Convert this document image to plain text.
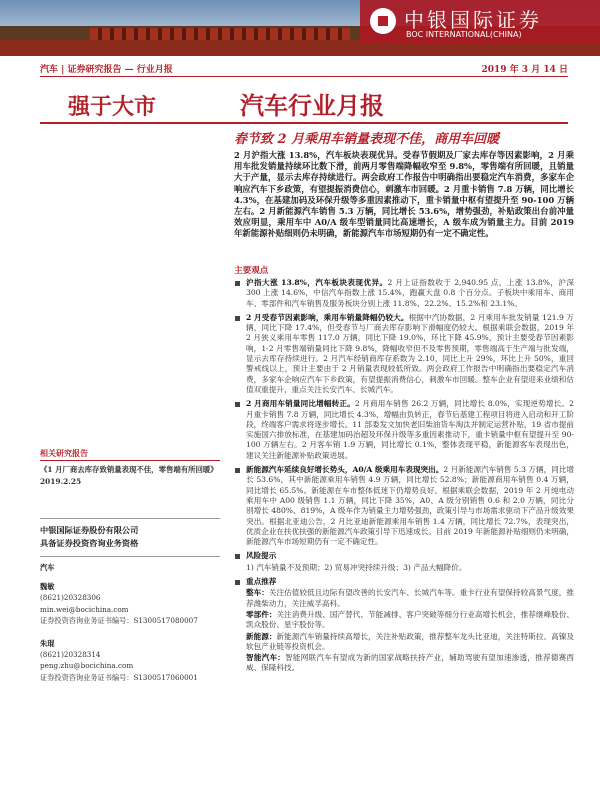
中银国际证券
BOC INTERNATIONAL(CHINA)
汽车 | 证券研究报告 — 行业月报	2019 年 3 月 14 日
强于大市	汽车行业月报
春节致 2 月乘用车销量表现不佳，商用车回暖
2 月沪指大涨 13.8%，汽车板块表现优异。受春节假期及厂家去库存等因素影响，2 月乘用车批发销量持续环比数下滑，前两月零售端降幅收窄至 9.8%，零售端有所回暖，且销量大于产量，显示去库存持续进行。两会政府工作报告中明确指出要稳定汽车消费，多家车企响应汽车下乡政策，有望提振消费信心，刺激车市回暖。2 月重卡销售 7.8 万辆，同比增长 4.3%，在基建加码及环保升级等多重因素推动下，重卡销量中枢有望提升至 90-100 万辆左右。2 月新能源汽车销售 5.3 万辆，同比增长 53.6%，增势强劲，补贴政策出台前冲量效应明显，乘用车中 A0/A 级车型销量同比高速增长，A 级车成为销量主力。目前 2019 年新能源补贴细则仍未明确，新能源汽车市场短期仍有一定不确定性。
主要观点
沪指大涨 13.8%，汽车板块表现优异。2 月上证指数收于 2,940.95 点，上涨 13.8%，沪深 300 上涨 14.6%，中信汽车指数上涨 15.4%，跑赢大盘 0.8 个百分点。子板块中乘用车、商用车、零部件和汽车销售及服务板块分别上涨 11.8%、22.2%、15.2%和 23.1%。
2 月受春节因素影响，乘用车销量降幅仍较大。根据中汽协数据，2 月乘用车批发销量 121.9 万辆，同比下降 17.4%，但受春节与厂商去库存影响下滑幅度仍较大。根据乘联会数据，2019 年 2 月狭义乘用车零售 117.0 万辆，同比下降 19.0%，环比下降 45.9%，预计主要受春节因素影响，1-2 月零售端销量同比下降 9.8%，降幅收窄但不及零售预期，零售端高于生产端与批发端，显示去库存持续进行。2 月汽车经销商库存系数为 2.10，同比上升 29%，环比上升 50%，重回警戒线以上，预计主要由于 2 月销量表现较低所致。两会政府工作报告中明确指出要稳定汽车消费，多家车企响应汽车下乡政策，有望提振消费信心，刺激车市回暖。整车企业有望迎来业绩和估值双重提升，重点关注长安汽车、长城汽车。
2 月商用车销量同比增幅转正。2 月商用车销售 26.2 万辆，同比增长 8.0%，实现逆势增长。2 月重卡销售 7.8 万辆，同比增长 4.3%，增幅由负转正，春节后基建工程项目将进入启动和开工阶段，终端客户需求将逐步增长。11 部委发文加快老旧柴油货车淘汰并制定运营补贴，19 省市提前实施国六排放标准，在基建加码治超及环保升级等多重因素推动下，重卡销量中枢有望提升至 90-100 万辆左右。2 月客车销 1.9 万辆，同比增长 0.1%，整体表现平稳，新能源客车表现出色，建议关注新能源补贴政策进展。
新能源汽车延续良好增长势头，A0/A 级乘用车表现突出。2 月新能源汽车销售 5.3 万辆，同比增长 53.6%，其中新能源乘用车销售 4.9 万辆，同比增长 52.8%；新能源商用车销售 0.4 万辆，同比增长 65.5%。新能源在车市整体低迷下仍增势良好。根据乘联会数据，2019 年 2 月纯电动乘用车中 A00 级销售 1.1 万辆，同比下降 35%，A0、A 级分别销售 0.6 和 2.0 万辆，同比分别增长 480%、819%，A 级车作为销量主力增势强劲，政策引导与市场需求驱动下产品升级效果突出。根据北亚迪公告，2 月比亚迪新能源乘用车销售 1.4 万辆，同比增长 72.7%，表现突出，优质企业在扶优扶强的新能源汽车政策引导下迅速成长。目前 2019 年新能源补贴细则仍未明确，新能源汽车市场短期仍有一定不确定性。
风险提示
1) 汽车销量不及预期；2) 贸易冲突持续升级；3) 产品大幅降价。
重点推荐
整车：关注估值较低且边际有望改善的长安汽车、长城汽车等。重卡行业有望保持较高景气度，推荐潍柴动力，关注威孚高科。
零部件：关注消费升级、国产替代、节能减排、客户突破等细分行业高增长机会，推荐继峰股份、凯众股份、星宇股份等。
新能源：新能源汽车销量持续高增长，关注补贴政策，推荐整车龙头比亚迪，关注特斯拉、高镍及软包产业链等投资机会。
智能汽车：智能网联汽车有望成为新的国家战略扶持产业，辅助驾驶有望加速渗透，推荐德赛西威、保隆科技。
相关研究报告
《1 月厂商去库存致销量表现不佳，零售端有所回暖》2019.2.25
中银国际证券股份有限公司
具备证券投资咨询业务资格
汽车
魏敏
(8621)20328306
min.wei@bocichina.com
证券投资咨询业务证书编号：S1300517080007
朱琨
(8621)20328314
peng.zhu@bocichina.com
证券投资咨询业务证书编号：S1300517060001
